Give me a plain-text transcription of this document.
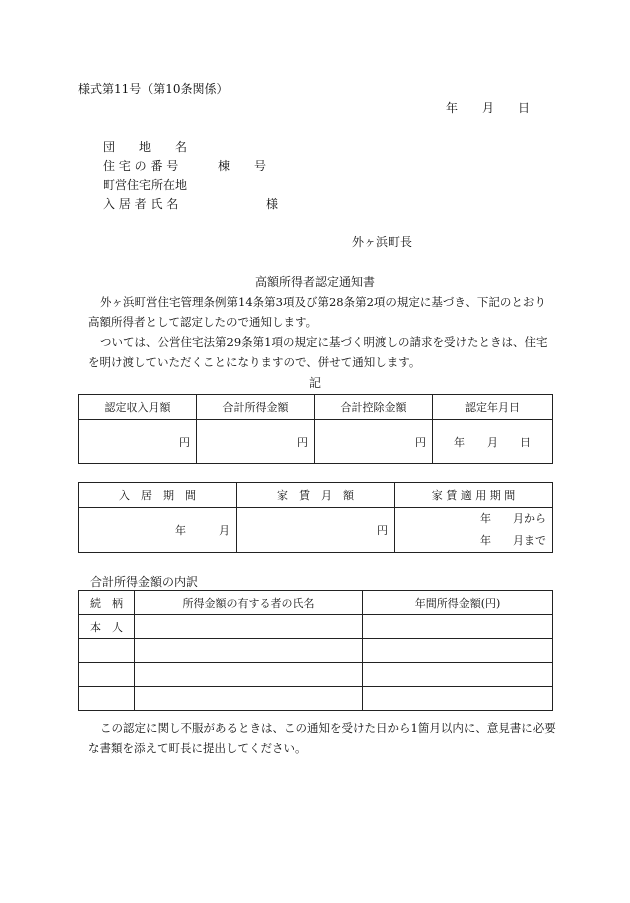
様式第11号（第10条関係）
年　　月　　日
団　　地　　名
住 宅 の 番 号	棟　　号
町営住宅所在地
入 居 者 氏 名	様
外ヶ浜町長
高額所得者認定通知書
外ヶ浜町営住宅管理条例第14条第3項及び第28条第2項の規定に基づき、下記のとおり高額所得者として認定したので通知します。
ついては、公営住宅法第29条第1項の規定に基づく明渡しの請求を受けたときは、住宅を明け渡していただくことになりますので、併せて通知します。
記
認定収入月額	合計所得金額	合計控除金額	認定年月日
円	円	円	年　　月　　日
入　居　期　間	家　賃　月　額	家 賃 適 用 期 間
年　　　月	円	年　　月から
年　　月まで
合計所得金額の内訳
続　柄	所得金額の有する者の氏名	年間所得金額(円)
本　人		

この認定に関し不服があるときは、この通知を受けた日から1箇月以内に、意見書に必要な書類を添えて町長に提出してください。
